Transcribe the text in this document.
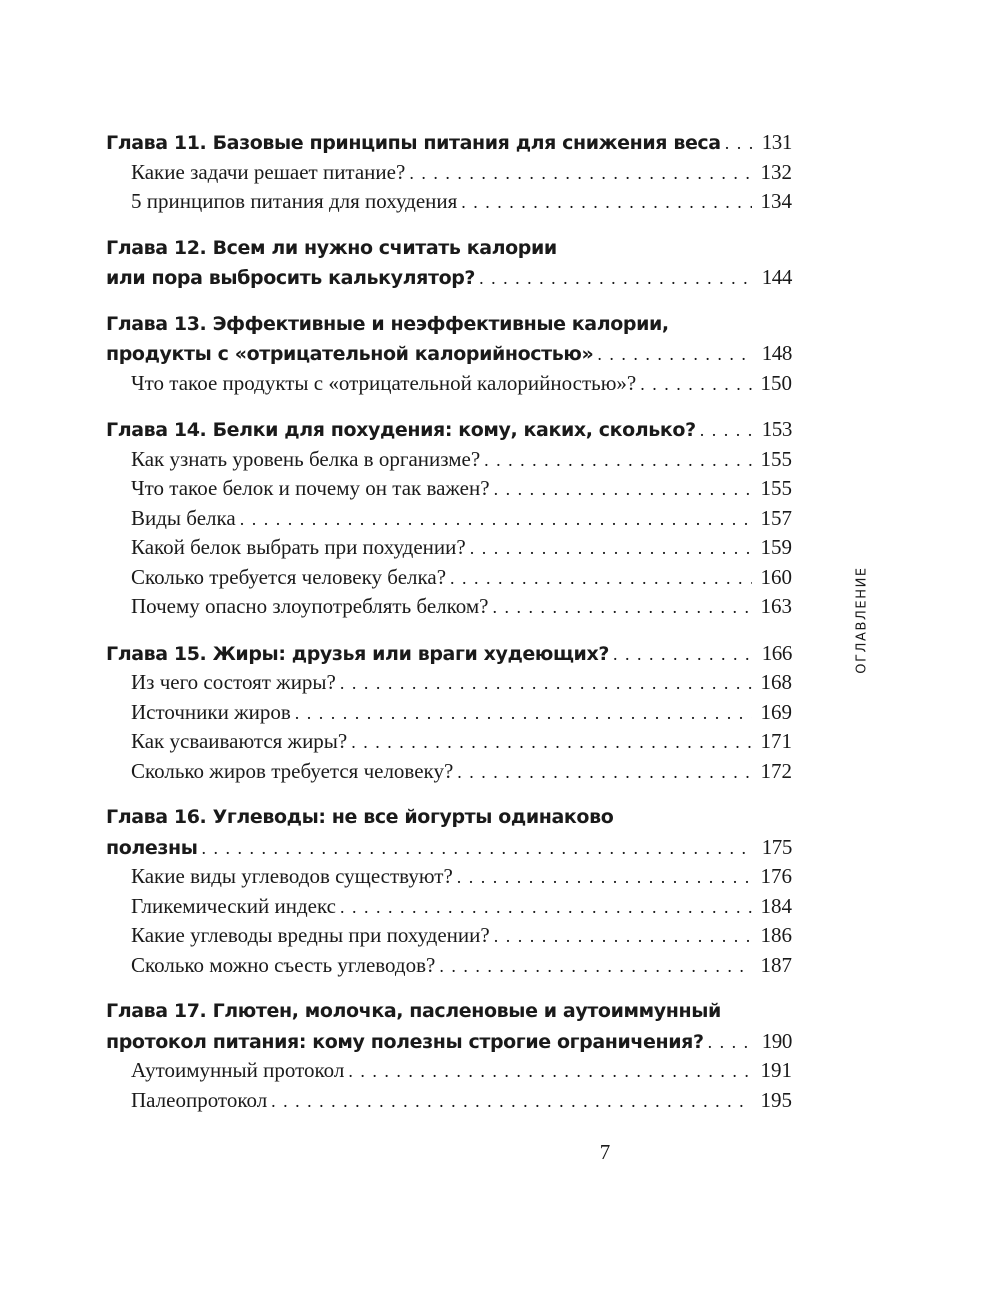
Глава 11. Базовые принципы питания для снижения веса . . . 131
Какие задачи решает питание? . . .	132
5 принципов питания для похудения . . .	134
Глава 12. Всем ли нужно считать калории
или пора выбросить калькулятор? . . .	144
Глава 13. Эффективные и неэффективные калории,
продукты с «отрицательной калорийностью» . . .	148
Что такое продукты с «отрицательной калорийностью»? . . .	150
Глава 14. Белки для похудения: кому, каких, сколько? . . .	153
Как узнать уровень белка в организме? . . .	155
Что такое белок и почему он так важен? . . .	155
Виды белка . . .	157
Какой белок выбрать при похудении? . . .	159
Сколько требуется человеку белка? . . .	160
Почему опасно злоупотреблять белком? . . .	163
Глава 15. Жиры: друзья или враги худеющих? . . .	166
Из чего состоят жиры? . . .	168
Источники жиров . . .	169
Как усваиваются жиры? . . .	171
Сколько жиров требуется человеку? . . .	172
Глава 16. Углеводы: не все йогурты одинаково
полезны . . .	175
Какие виды углеводов существуют? . . .	176
Гликемический индекс . . .	184
Какие углеводы вредны при похудении? . . .	186
Сколько можно съесть углеводов? . . .	187
Глава 17. Глютен, молочка, пасленовые и аутоиммунный
протокол питания: кому полезны строгие ограничения? . . .	190
Аутоимунный протокол . . .	191
Палеопротокол . . .	195
ОГЛАВЛЕНИЕ
7
